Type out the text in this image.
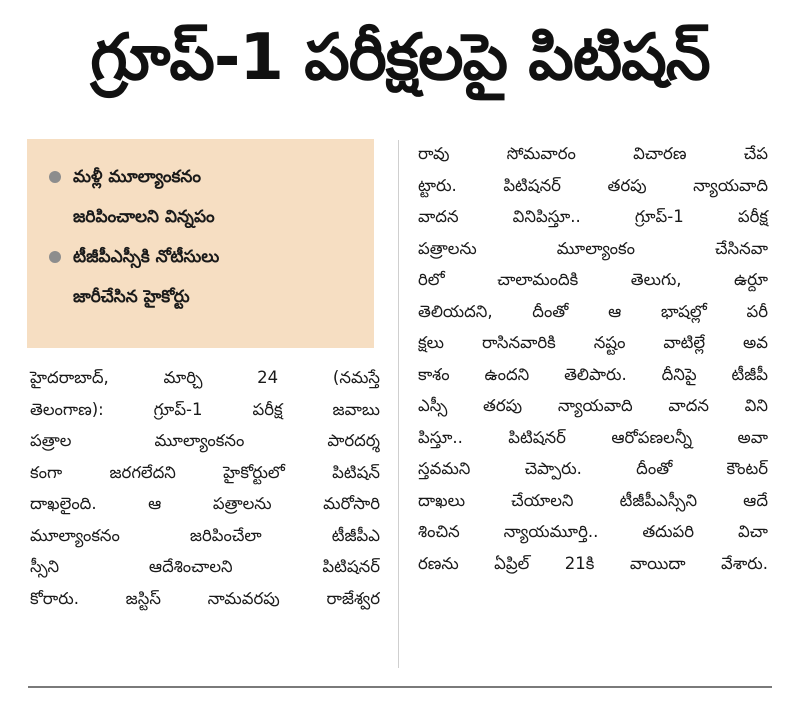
గ్రూప్-1 పరీక్షలపై పిటిషన్
మళ్లీ మూల్యాంకనం
జరిపించాలని విన్నపం
టీజీపీఎస్సీకి నోటీసులు
జారీచేసిన హైకోర్టు
హైదరాబాద్, మార్చి 24 (నమస్తే
తెలంగాణ): గ్రూప్-1 పరీక్ష జవాబు
పత్రాల మూల్యాంకనం పారదర్శ
కంగా జరగలేదని హైకోర్టులో పిటిషన్
దాఖలైంది. ఆ పత్రాలను మరోసారి
మూల్యాంకనం జరిపించేలా టీజీపీఎ
స్సీని ఆదేశించాలని పిటిషనర్
కోరారు. జస్టిస్ నామవరపు రాజేశ్వర
రావు సోమవారం విచారణ చేప
ట్టారు. పిటిషనర్ తరపు న్యాయవాది
వాదన వినిపిస్తూ.. గ్రూప్-1 పరీక్ష
పత్రాలను మూల్యాంకం చేసినవా
రిలో చాలామందికి తెలుగు, ఉర్దూ
తెలియదని, దీంతో ఆ భాషల్లో పరీ
క్షలు రాసినవారికి నష్టం వాటిల్లే అవ
కాశం ఉందని తెలిపారు. దీనిపై టీజీపీ
ఎస్సీ తరపు న్యాయవాది వాదన విని
పిస్తూ.. పిటిషనర్ ఆరోపణలన్నీ అవా
స్తవమని చెప్పారు. దీంతో కౌంటర్
దాఖలు చేయాలని టీజీపీఎస్సీని ఆదే
శించిన న్యాయమూర్తి.. తదుపరి విచా
రణను ఏప్రిల్ 21కి వాయిదా వేశారు.
